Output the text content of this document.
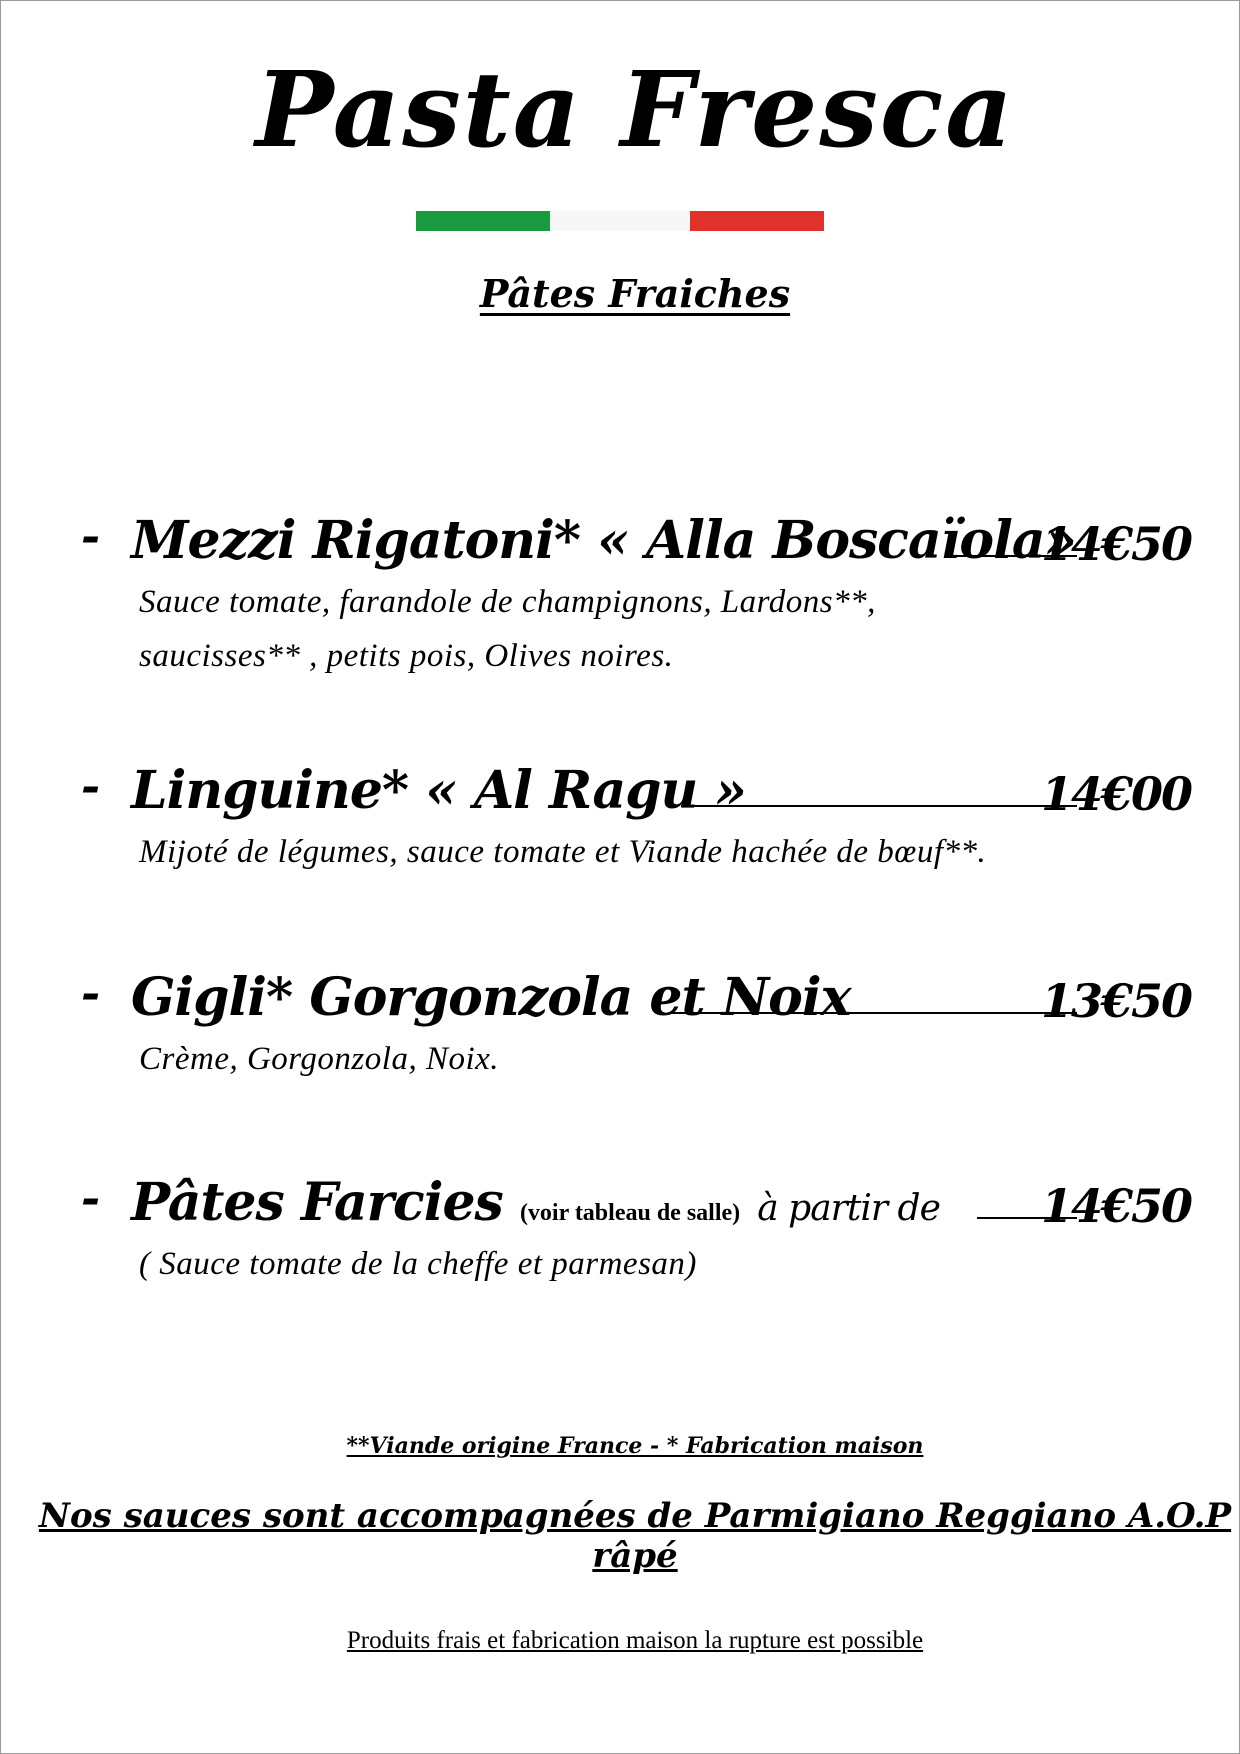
Pasta Fresca
Pâtes Fraiches
- Mezzi Rigatoni* « Alla Boscaïola»
14€50
Sauce tomate, farandole de champignons, Lardons**,
saucisses** , petits pois, Olives noires.
- Linguine* « Al Ragu »	14€00
Mijoté de légumes, sauce tomate et Viande hachée de bœuf**.
- Gigli* Gorgonzola et Noix	13€50
Crème, Gorgonzola, Noix.
- Pâtes Farcies (voir tableau de salle) à partir de 14€50
( Sauce tomate de la cheffe et parmesan)
**Viande origine France - * Fabrication maison
Nos sauces sont accompagnées de Parmigiano Reggiano A.O.P râpé
Produits frais et fabrication maison la rupture est possible
